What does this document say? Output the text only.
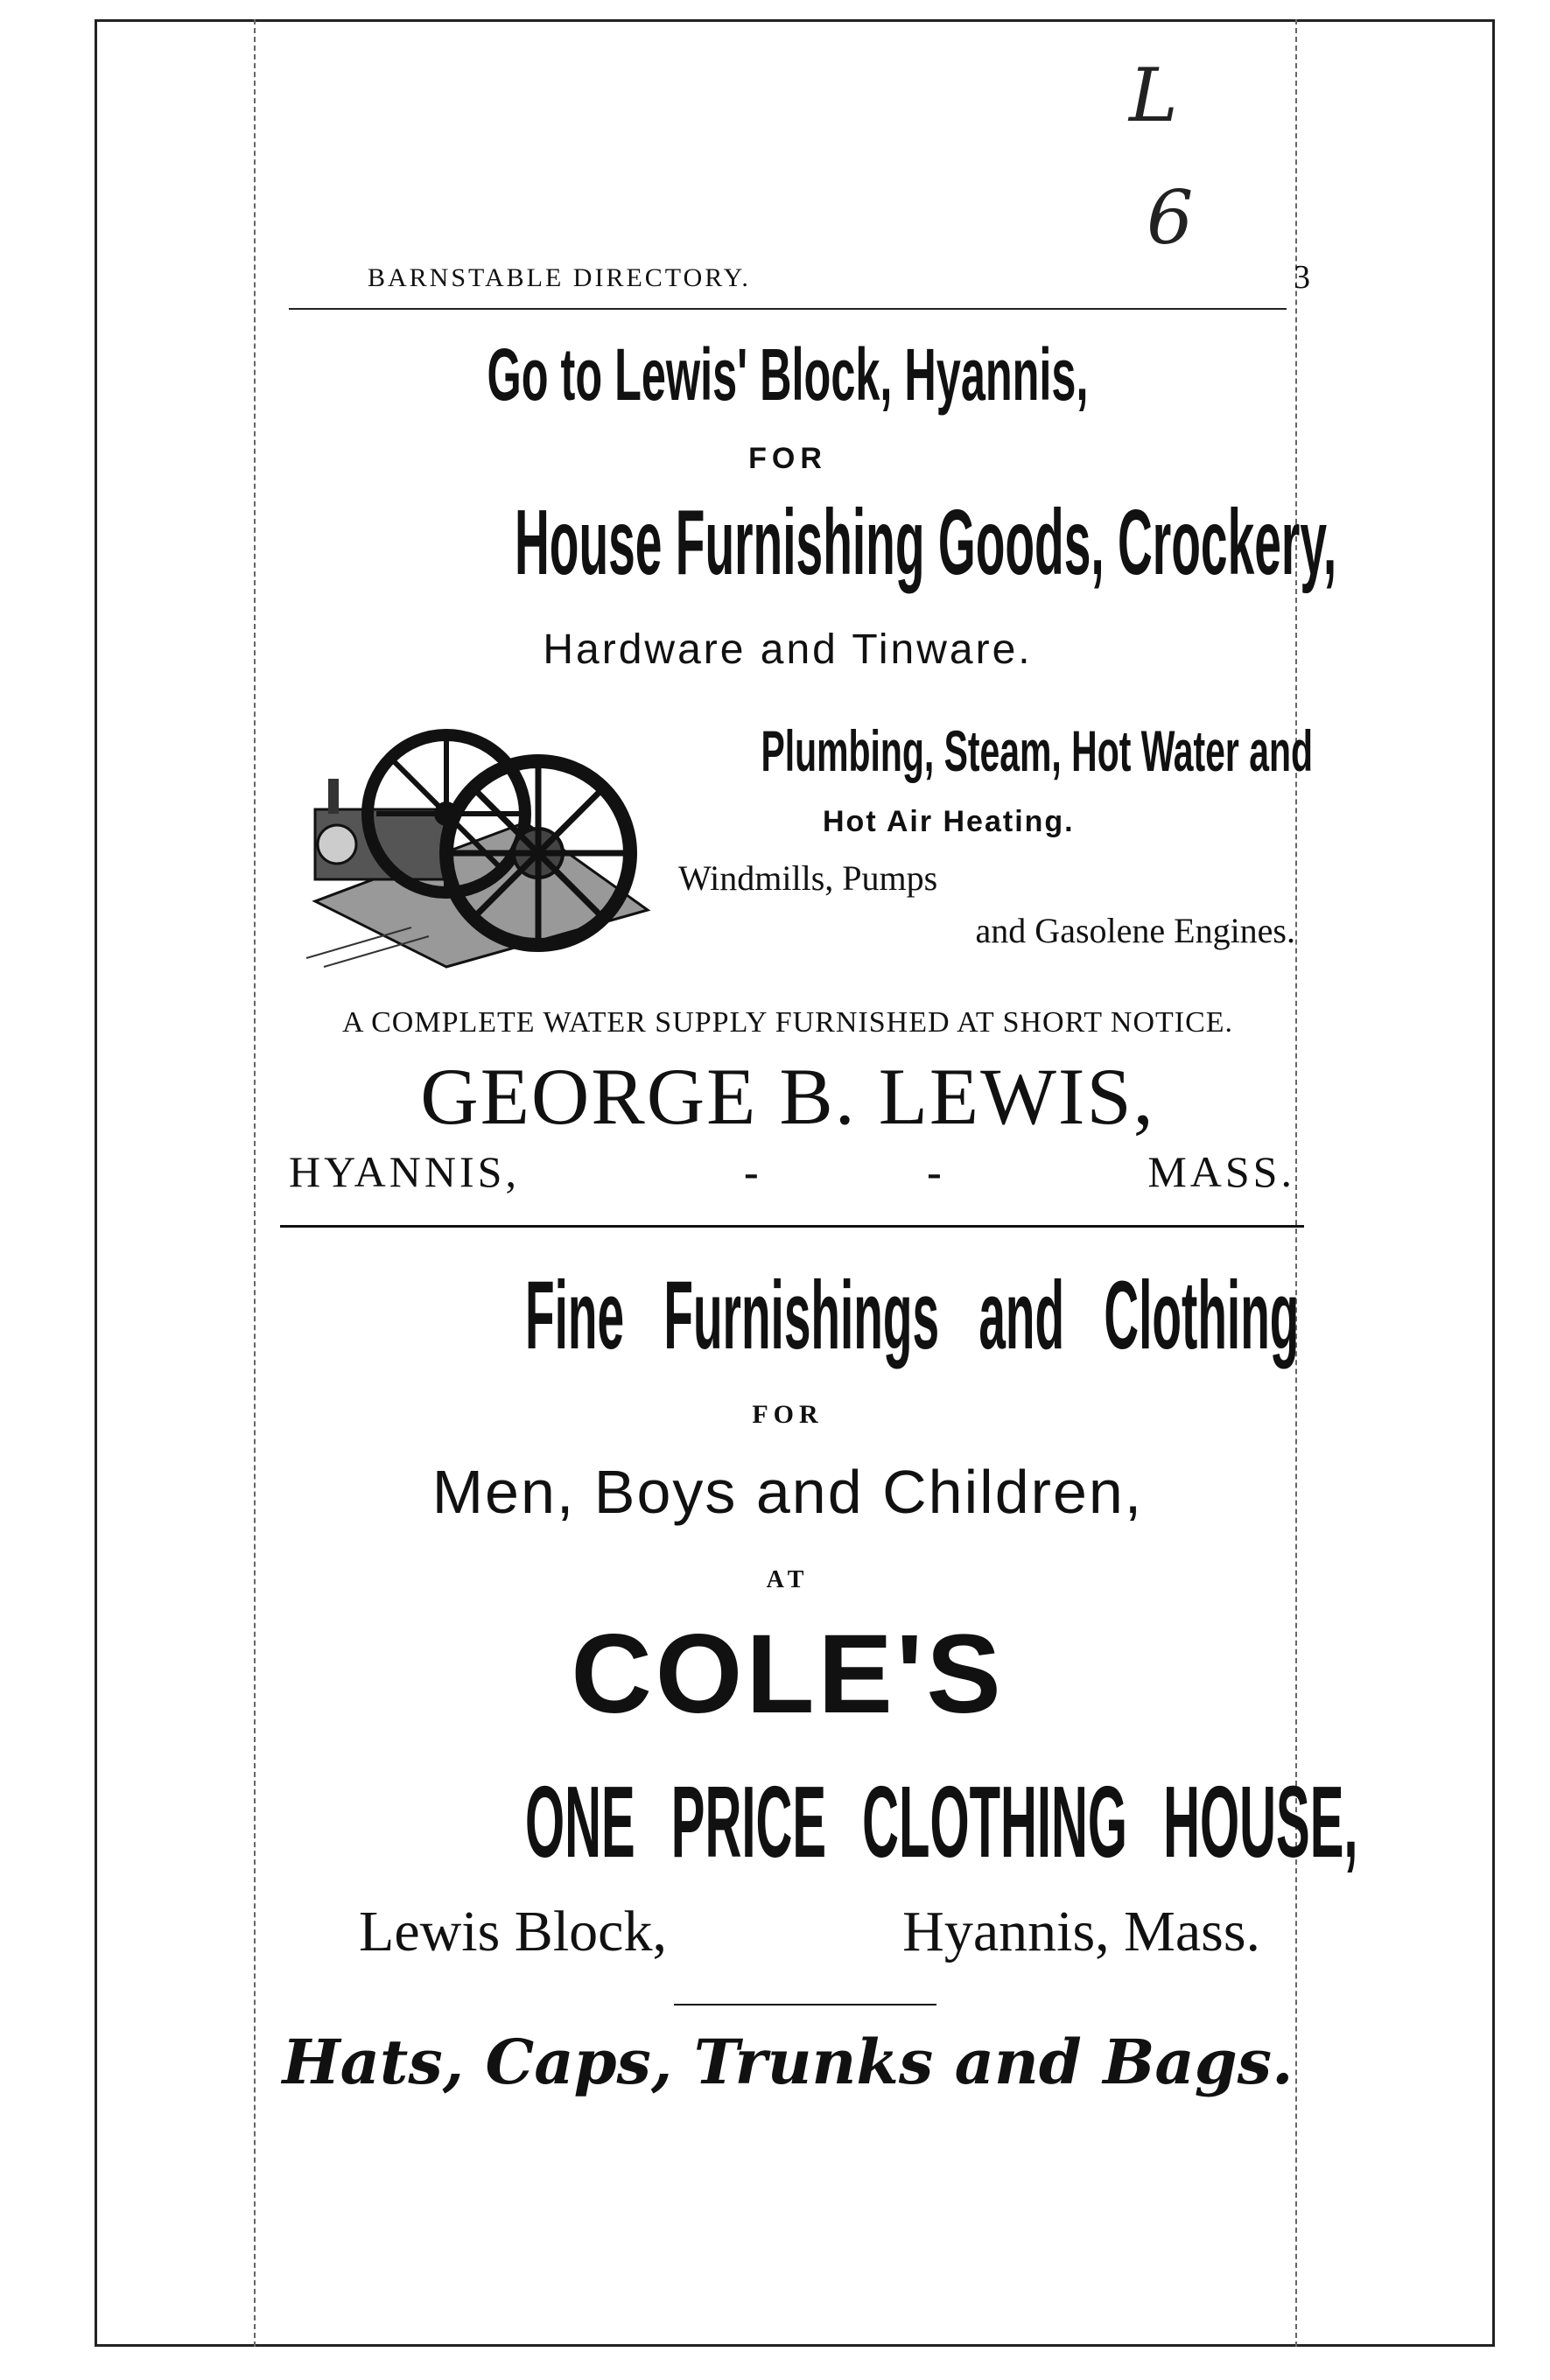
L
6
BARNSTABLE DIRECTORY.	3
Go to Lewis' Block, Hyannis,
FOR
House Furnishing Goods, Crockery,
Hardware and Tinware.
Plumbing, Steam, Hot Water and
Hot Air Heating.
Windmills, Pumps
and Gasolene Engines.
A COMPLETE WATER SUPPLY FURNISHED AT SHORT NOTICE.
GEORGE B. LEWIS,
HYANNIS,	- -	MASS.
Fine Furnishings and Clothing
FOR
Men, Boys and Children,
AT
COLE'S
ONE PRICE CLOTHING HOUSE,
Lewis Block,	Hyannis, Mass.
Hats, Caps, Trunks and Bags.
